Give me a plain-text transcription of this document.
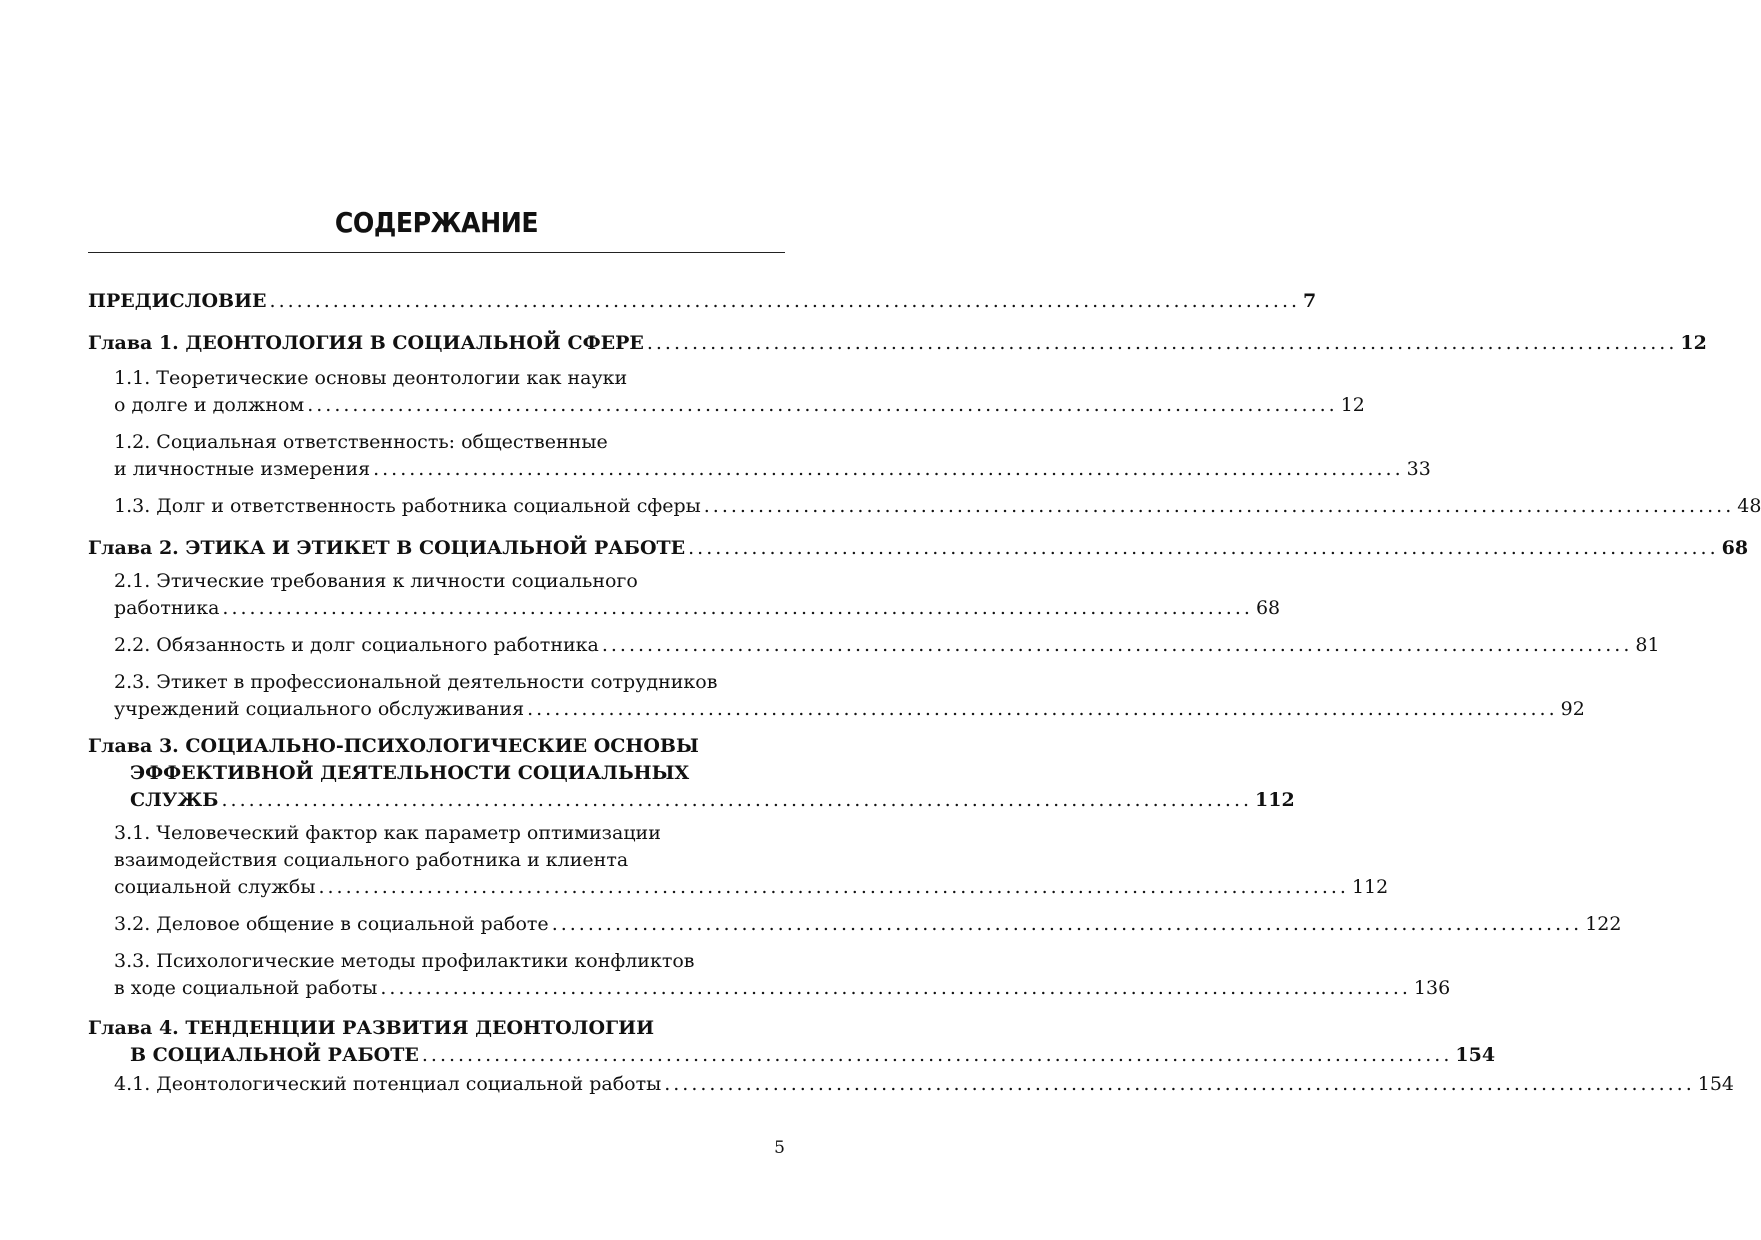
СОДЕРЖАНИЕ
ПРЕДИСЛОВИЕ .................................................................................................................. 7
Глава 1. ДЕОНТОЛОГИЯ В СОЦИАЛЬНОЙ СФЕРЕ .................................................................................................................. 12
1.1. Теоретические основы деонтологии как науки
о долге и должном .................................................................................................................. 12
1.2. Социальная ответственность: общественные
и личностные измерения .................................................................................................................. 33
1.3. Долг и ответственность работника социальной сферы .................................................................................................................. 48
Глава 2. ЭТИКА И ЭТИКЕТ В СОЦИАЛЬНОЙ РАБОТЕ .................................................................................................................. 68
2.1. Этические требования к личности социального
работника .................................................................................................................. 68
2.2. Обязанность и долг социального работника .................................................................................................................. 81
2.3. Этикет в профессиональной деятельности сотрудников
учреждений социального обслуживания .................................................................................................................. 92
Глава 3. СОЦИАЛЬНО-ПСИХОЛОГИЧЕСКИЕ ОСНОВЫ
ЭФФЕКТИВНОЙ ДЕЯТЕЛЬНОСТИ СОЦИАЛЬНЫХ
СЛУЖБ .................................................................................................................. 112
3.1. Человеческий фактор как параметр оптимизации
взаимодействия социального работника и клиента
социальной службы .................................................................................................................. 112
3.2. Деловое общение в социальной работе .................................................................................................................. 122
3.3. Психологические методы профилактики конфликтов
в ходе социальной работы .................................................................................................................. 136
Глава 4. ТЕНДЕНЦИИ РАЗВИТИЯ ДЕОНТОЛОГИИ
В СОЦИАЛЬНОЙ РАБОТЕ .................................................................................................................. 154
4.1. Деонтологический потенциал социальной работы .................................................................................................................. 154
5
